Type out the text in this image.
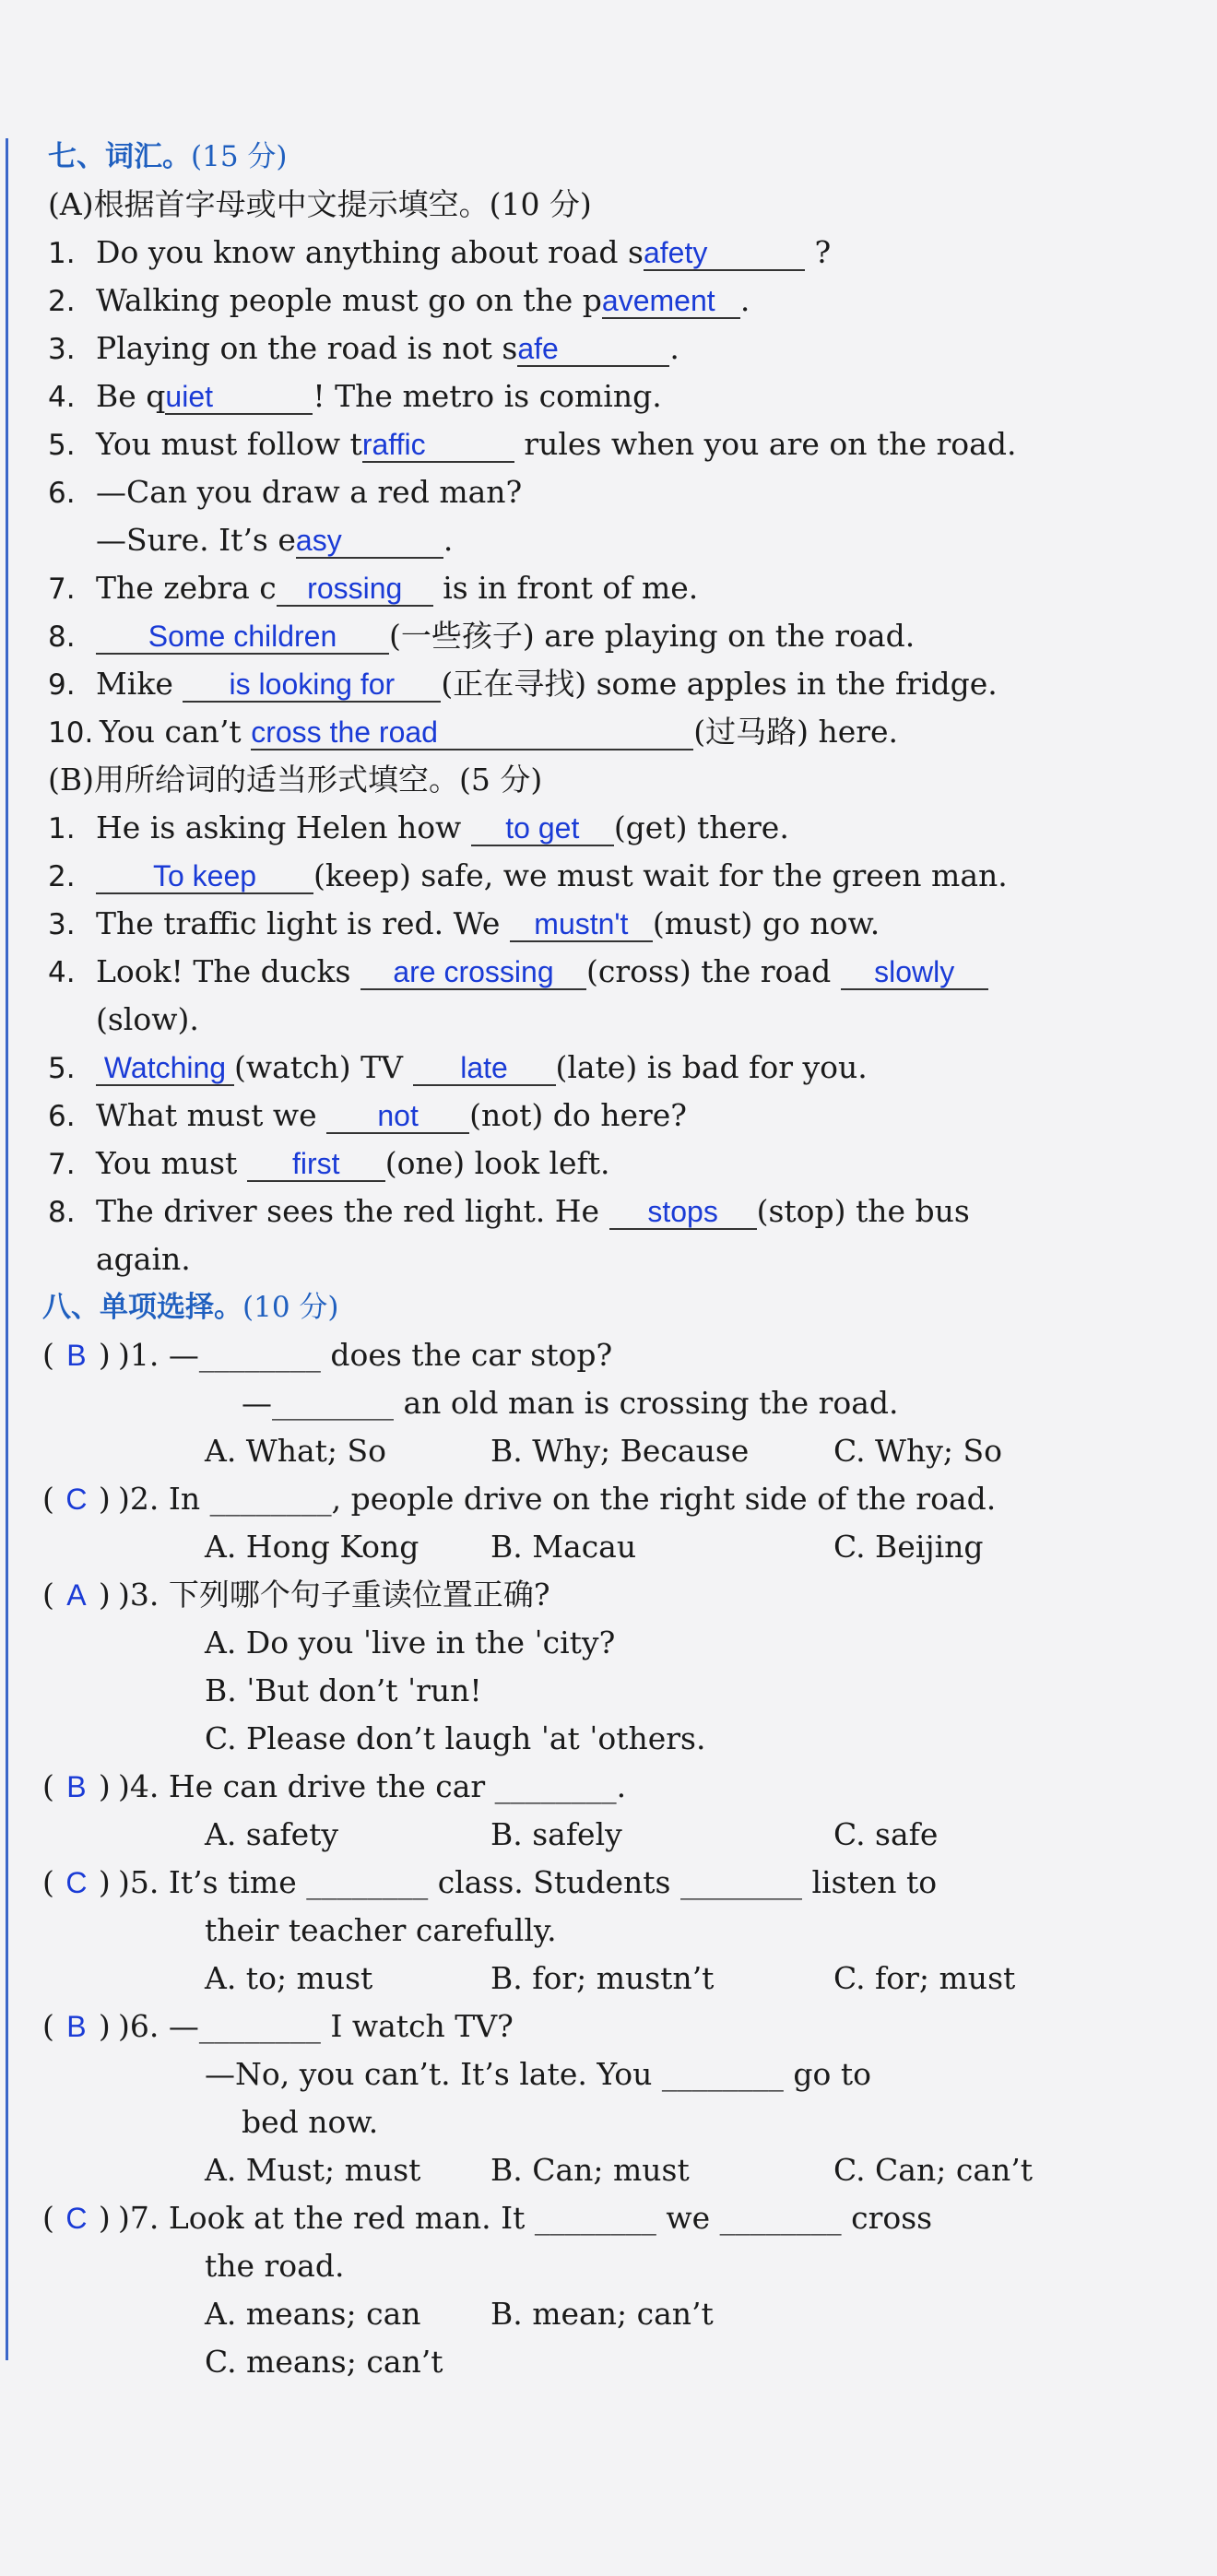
七、词汇。(15 分)
(A)根据首字母或中文提示填空。(10 分)
1. Do you know anything about road safety	?
2. Walking people must go on the pavement .
3. Playing on the road is not safe	.
4. Be quiet	! The metro is coming.
5. You must follow traffic	rules when you are on the road.
6. —Can you draw a red man?
—Sure. It’s easy	.
7. The zebra c rossing is in front of me.
8. Some children (一些孩子) are playing on the road.
9. Mike is looking for (正在寻找) some apples in the fridge.
10. You can’t cross the road	(过马路) here.
(B)用所给词的适当形式填空。(5 分)
1. He is asking Helen how to get (get) there.
2.	To keep (keep) safe, we must wait for the green man.
3. The traffic light is red. We mustn't (must) go now.
4. Look! The ducks are crossing (cross) the road slowly
(slow).
5. Watching (watch) TV late (late) is bad for you.
6. What must we not (not) do here?
7. You must first (one) look left.
8. The driver sees the red light. He stops (stop) the bus
again.
八、单项选择。(10 分)
( B ) )1. —________ does the car stop?
—________ an old man is crossing the road.
A. What; So	B. Why; Because	C. Why; So
( C ) )2. In ________, people drive on the right side of the road.
A. Hong Kong B. Macau	C. Beijing
( A ) )3. 下列哪个句子重读位置正确?
A. Do you ˈlive in the ˈcity?
B. ˈBut don’t ˈrun!
C. Please don’t laugh ˈat ˈothers.
( B ) )4. He can drive the car ________.
A. safety	B. safely	C. safe
( C ) )5. It’s time ________ class. Students ________ listen to
their teacher carefully.
A. to; must	B. for; mustn’t	C. for; must
( B ) )6. —________ I watch TV?
—No, you can’t. It’s late. You ________ go to
bed now.
A. Must; must B. Can; must	C. Can; can’t
( C ) )7. Look at the red man. It ________ we ________ cross
the road.
A. means; can B. mean; can’t
C. means; can’t
